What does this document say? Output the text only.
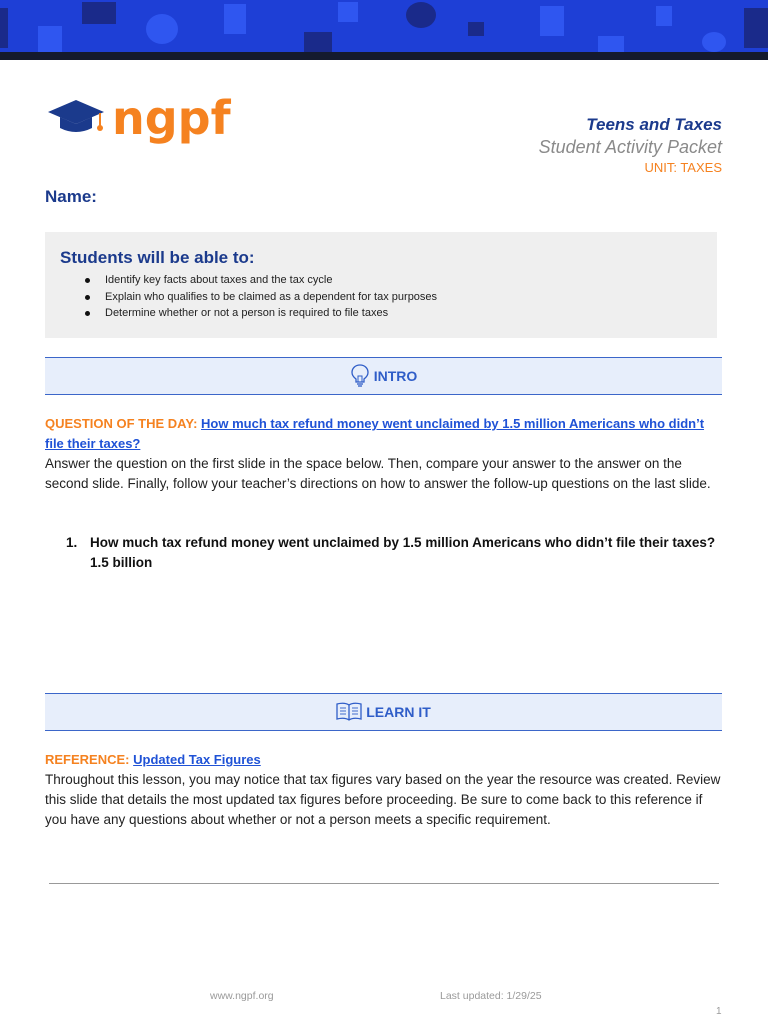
ngpf	Teens and Taxes
Student Activity Packet
UNIT: TAXES
Name:
Students will be able to:
Identify key facts about taxes and the tax cycle
Explain who qualifies to be claimed as a dependent for tax purposes
Determine whether or not a person is required to file taxes
INTRO
QUESTION OF THE DAY: How much tax refund money went unclaimed by 1.5 million Americans who didn’t file their taxes?
Answer the question on the first slide in the space below. Then, compare your answer to the answer on the second slide. Finally, follow your teacher’s directions on how to answer the follow-up questions on the last slide.
1. How much tax refund money went unclaimed by 1.5 million Americans who didn’t file their taxes? 1.5 billion
LEARN IT
REFERENCE: Updated Tax Figures
Throughout this lesson, you may notice that tax figures vary based on the year the resource was created. Review this slide that details the most updated tax figures before proceeding. Be sure to come back to this reference if you have any questions about whether or not a person meets a specific requirement.
www.ngpf.org	Last updated: 1/29/25
1
